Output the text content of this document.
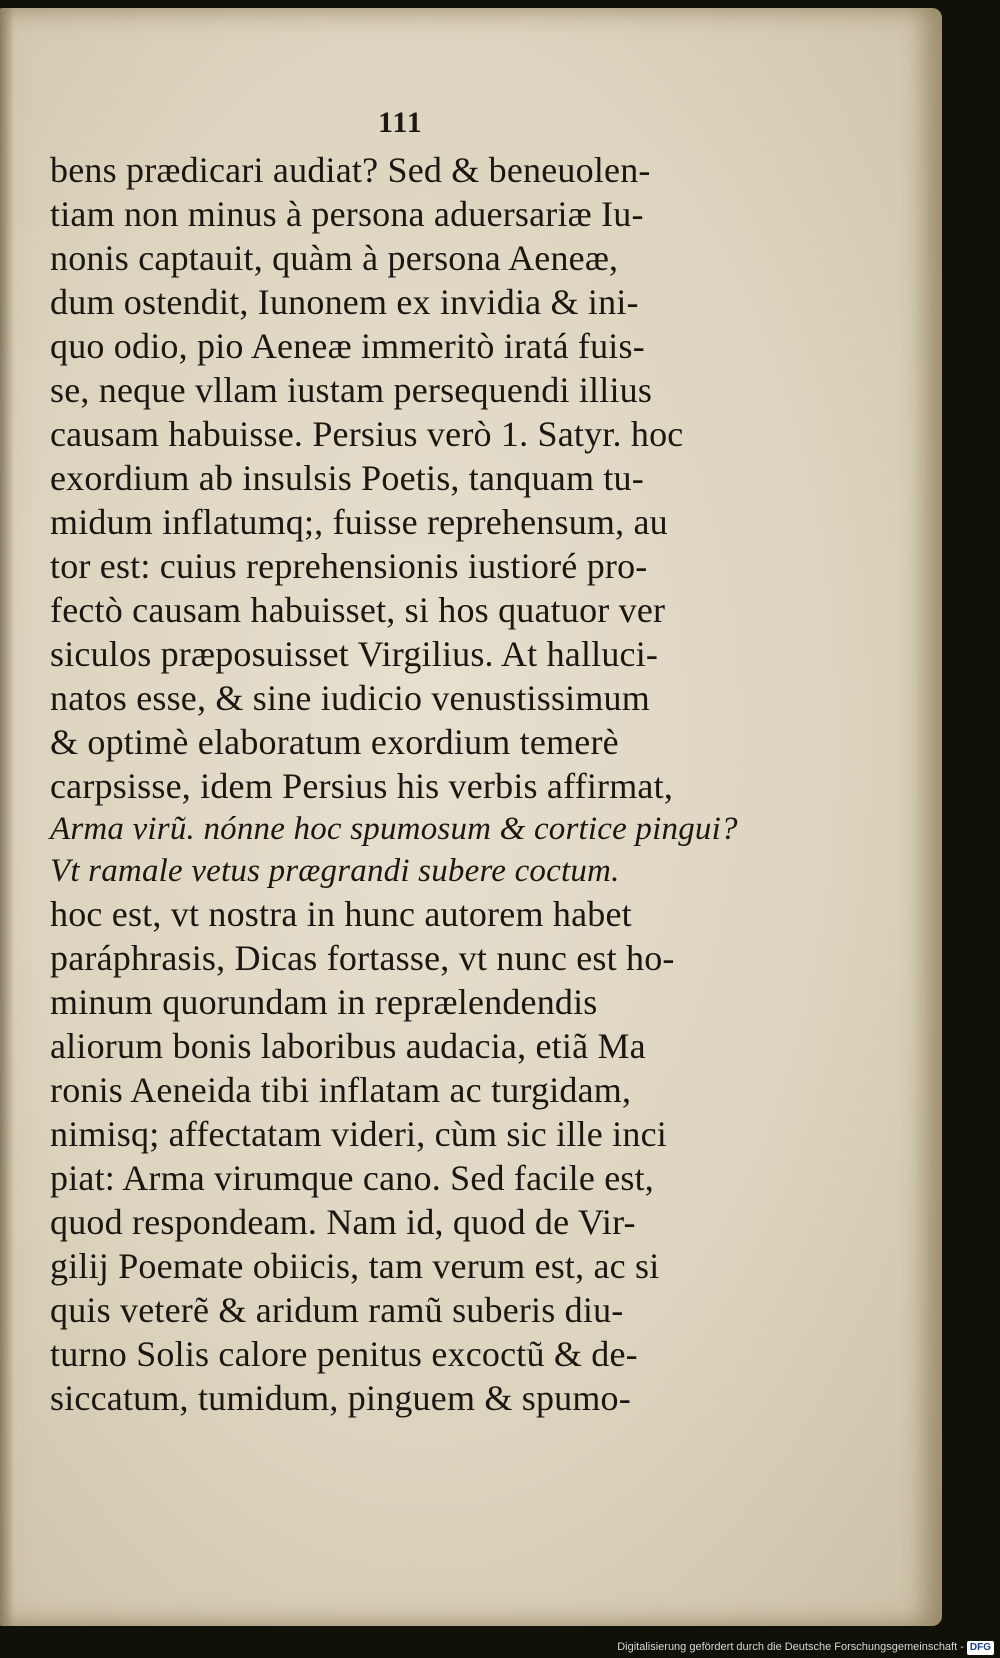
111
bens prædicari audiat? Sed & beneuolen-
tiam non minus à persona aduersariæ Iu-
nonis captauit, quàm à persona Aeneæ,
dum ostendit, Iunonem ex invidia & ini-
quo odio, pio Aeneæ immeritò iratá fuis-
se, neque vllam iustam persequendi illius
causam habuisse. Persius verò 1. Satyr. hoc
exordium ab insulsis Poetis, tanquam tu-
midum inflatumq;, fuisse reprehensum, au
tor est: cuius reprehensionis iustioré pro-
fectò causam habuisset, si hos quatuor ver
siculos præposuisset Virgilius. At halluci-
natos esse, & sine iudicio venustissimum
& optimè elaboratum exordium temerè
carpsisse, idem Persius his verbis affirmat,
Arma virũ. nónne hoc spumosum & cortice pingui?
Vt ramale vetus prægrandi subere coctum.
hoc est, vt nostra in hunc autorem habet
paráphrasis, Dicas fortasse, vt nunc est ho-
minum quorundam in reprælendendis
aliorum bonis laboribus audacia, etiã Ma
ronis Aeneida tibi inflatam ac turgidam,
nimisq; affectatam videri, cùm sic ille inci
piat: Arma virumque cano. Sed facile est,
quod respondeam. Nam id, quod de Vir-
gilij Poemate obiicis, tam verum est, ac si
quis veterẽ & aridum ramũ suberis diu-
turno Solis calore penitus excoctũ & de-
siccatum, tumidum, pinguem & spumo-
Digitalisierung gefördert durch die Deutsche Forschungsgemeinschaft - DFG
